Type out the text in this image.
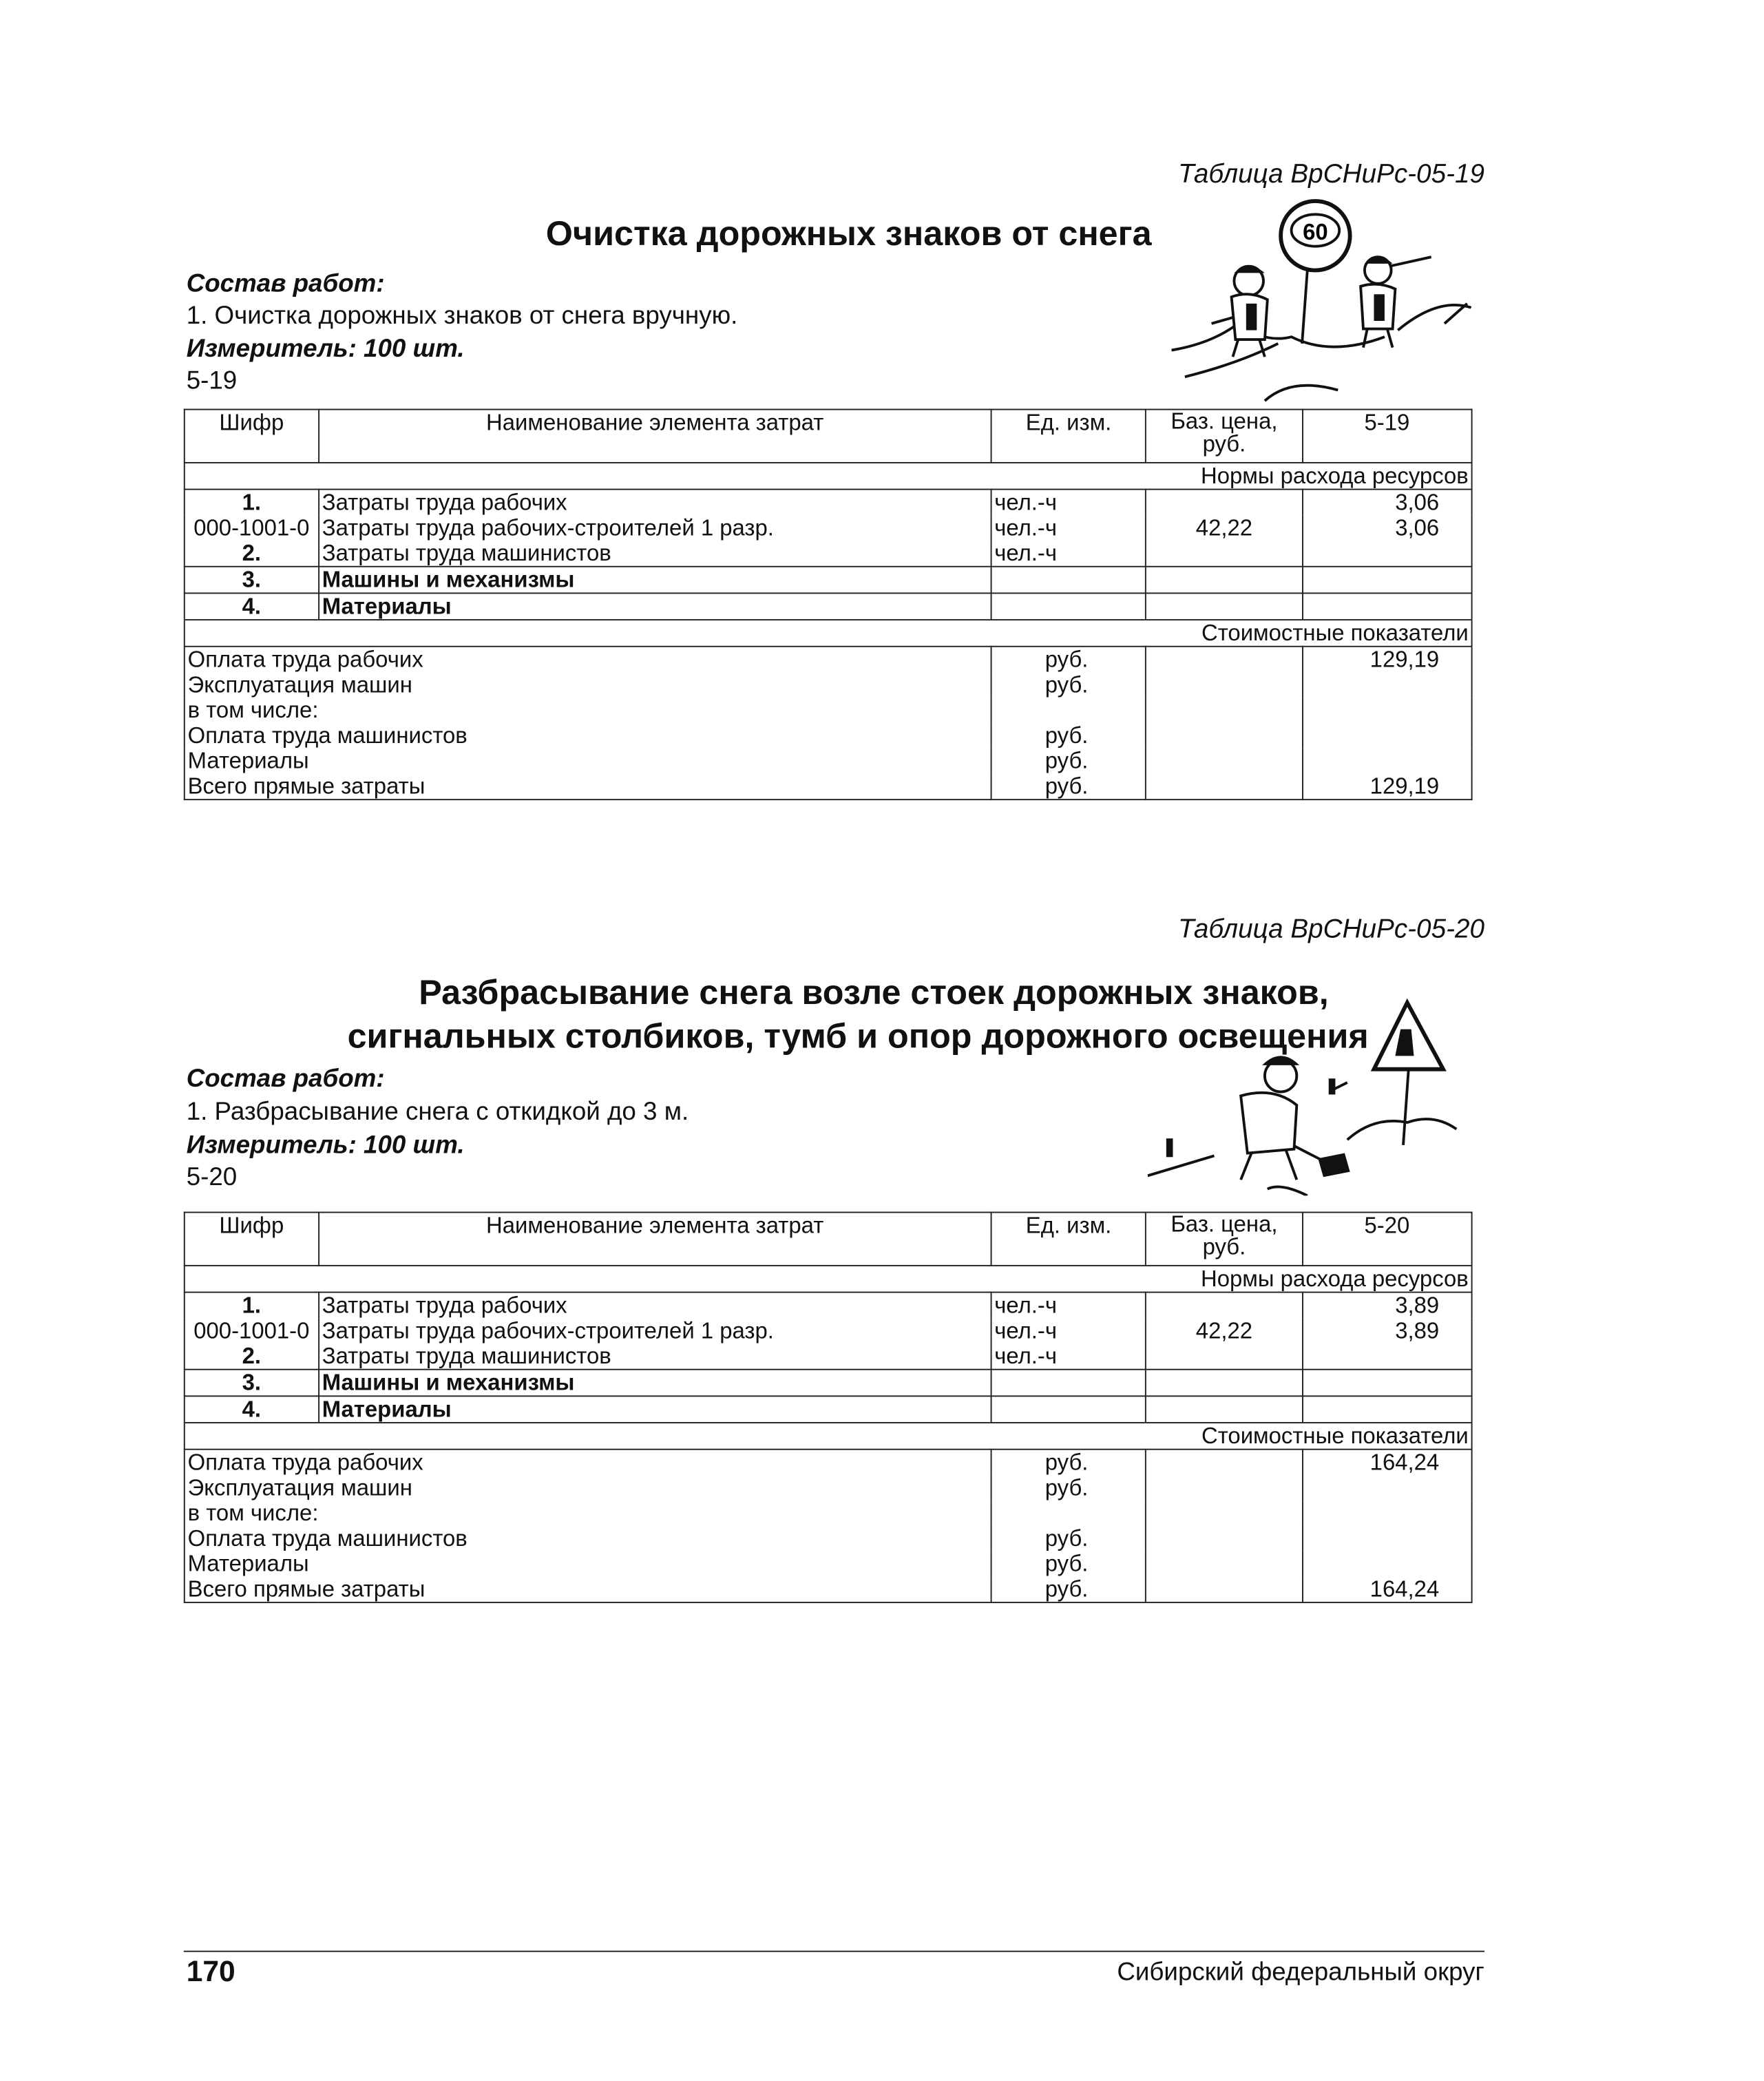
Таблица ВрСНиРс-05-19
Очистка дорожных знаков от снега
Состав работ:
1. Очистка дорожных знаков от снега вручную.
Измеритель: 100 шт.
5-19
60
Шифр	Наименование элемента затрат	Ед. изм.	Баз. цена, руб.	5-19
Нормы расхода ресурсов				
1.	Затраты труда рабочих	чел.-ч		3,06
000-1001-0	Затраты труда рабочих-строителей 1 разр.	чел.-ч	42,22	3,06
2.	Затраты труда машинистов	чел.-ч		
3.	Машины и механизмы			
4.	Материалы			
Стоимостные показатели				
Оплата труда рабочих		руб.		129,19
Эксплуатация машин		руб.		
в том числе:				
Оплата труда машинистов		руб.		
Материалы		руб.		
Всего прямые затраты		руб.		129,19
Таблица ВрСНиРс-05-20
Разбрасывание снега возле стоек дорожных знаков,
сигнальных столбиков, тумб и опор дорожного освещения
Состав работ:
1. Разбрасывание снега с откидкой до 3 м.
Измеритель: 100 шт.
5-20
Шифр	Наименование элемента затрат	Ед. изм.	Баз. цена, руб.	5-20
Нормы расхода ресурсов				
1.	Затраты труда рабочих	чел.-ч		3,89
000-1001-0	Затраты труда рабочих-строителей 1 разр.	чел.-ч	42,22	3,89
2.	Затраты труда машинистов	чел.-ч		
3.	Машины и механизмы			
4.	Материалы			
Стоимостные показатели				
Оплата труда рабочих		руб.		164,24
Эксплуатация машин		руб.		
в том числе:				
Оплата труда машинистов		руб.		
Материалы		руб.		
Всего прямые затраты		руб.		164,24
170	Сибирский федеральный округ
